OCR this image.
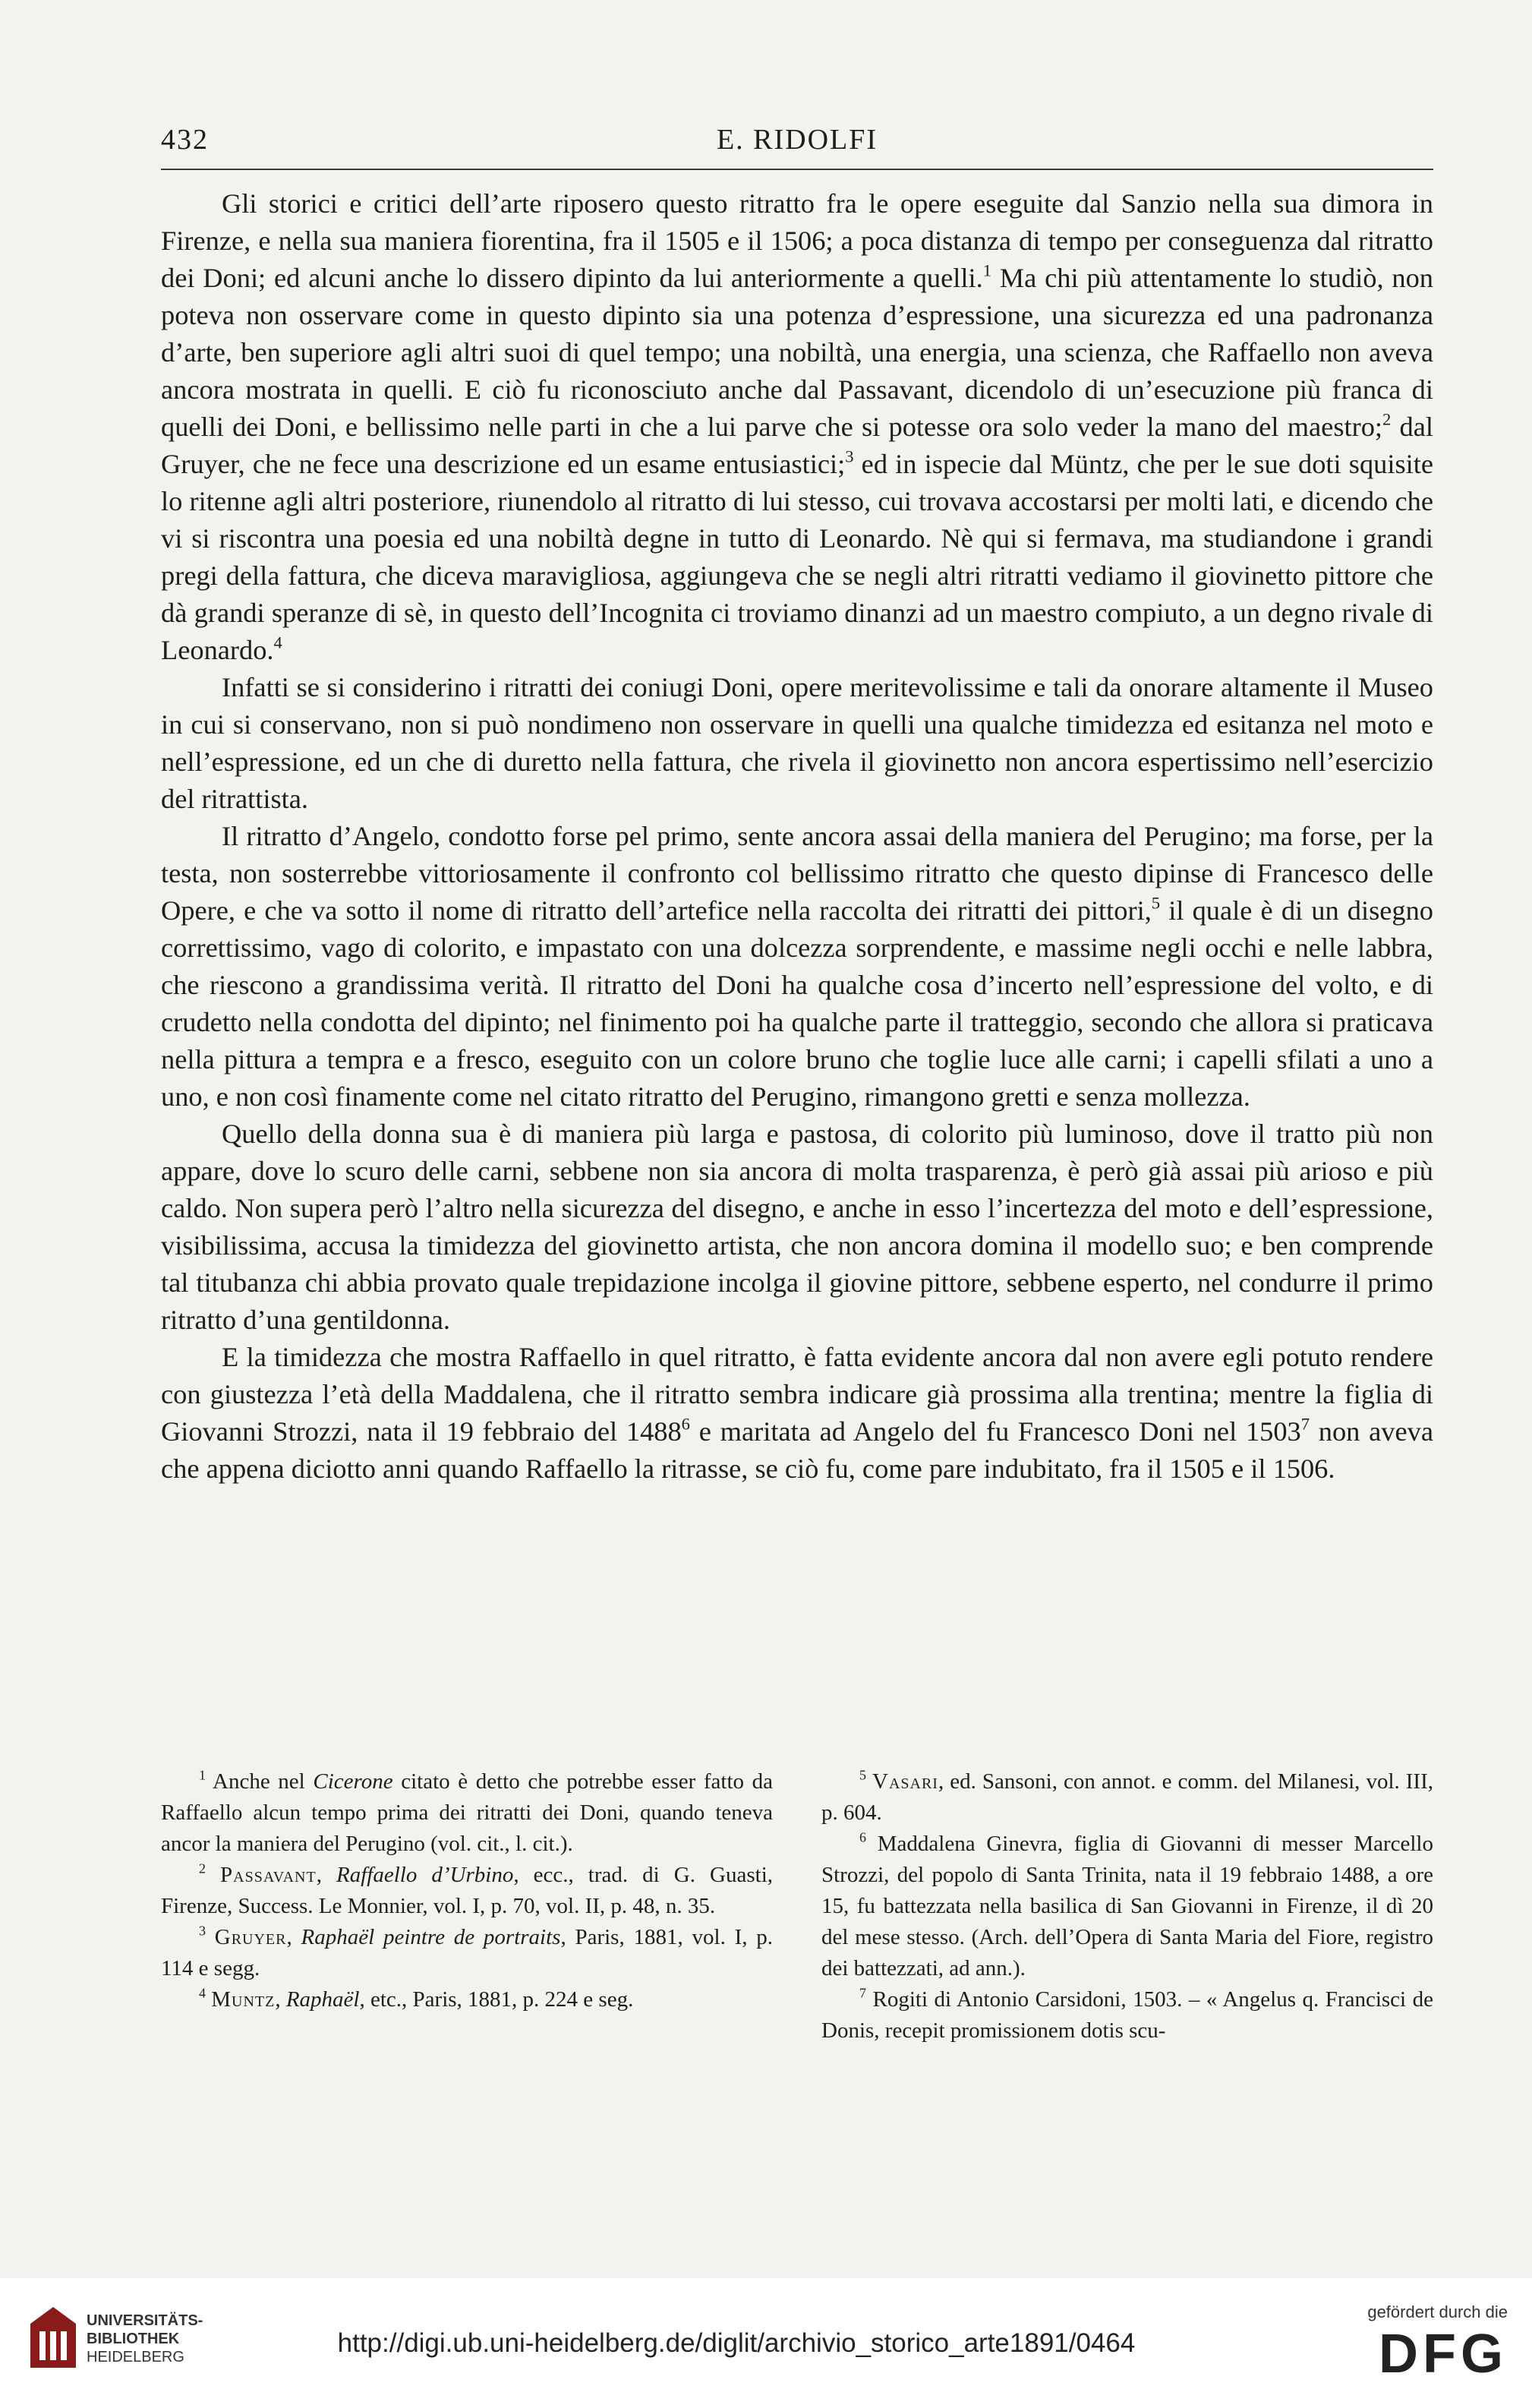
432	E. RIDOLFI

Gli storici e critici dell’arte riposero questo ritratto fra le opere eseguite dal Sanzio nella sua dimora in Firenze, e nella sua maniera fiorentina, fra il 1505 e il 1506; a poca distanza di tempo per conseguenza dal ritratto dei Doni; ed alcuni anche lo dissero dipinto da lui anteriormente a quelli.$^1$ Ma chi più attentamente lo studiò, non poteva non osservare come in questo dipinto sia una potenza d’espressione, una sicurezza ed una padronanza d’arte, ben superiore agli altri suoi di quel tempo; una nobiltà, una energia, una scienza, che Raffaello non aveva ancora mostrata in quelli. E ciò fu riconosciuto anche dal Passavant, dicendolo di un’esecuzione più franca di quelli dei Doni, e bellissimo nelle parti in che a lui parve che si potesse ora solo veder la mano del maestro;$^2$ dal Gruyer, che ne fece una descrizione ed un esame entusiastici;$^3$ ed in ispecie dal Müntz, che per le sue doti squisite lo ritenne agli altri posteriore, riunendolo al ritratto di lui stesso, cui trovava accostarsi per molti lati, e dicendo che vi si riscontra una poesia ed una nobiltà degne in tutto di Leonardo. Nè qui si fermava, ma studiandone i grandi pregi della fattura, che diceva maravigliosa, aggiungeva che se negli altri ritratti vediamo il giovinetto pittore che dà grandi speranze di sè, in questo dell’Incognita ci troviamo dinanzi ad un maestro compiuto, a un degno rivale di Leonardo.$^4$

Infatti se si considerino i ritratti dei coniugi Doni, opere meritevolissime e tali da onorare altamente il Museo in cui si conservano, non si può nondimeno non osservare in quelli una qualche timidezza ed esitanza nel moto e nell’espressione, ed un che di duretto nella fattura, che rivela il giovinetto non ancora espertissimo nell’esercizio del ritrattista.

Il ritratto d’Angelo, condotto forse pel primo, sente ancora assai della maniera del Perugino; ma forse, per la testa, non sosterrebbe vittoriosamente il confronto col bellissimo ritratto che questo dipinse di Francesco delle Opere, e che va sotto il nome di ritratto dell’artefice nella raccolta dei ritratti dei pittori,$^5$ il quale è di un disegno correttissimo, vago di colorito, e impastato con una dolcezza sorprendente, e massime negli occhi e nelle labbra, che riescono a grandissima verità. Il ritratto del Doni ha qualche cosa d’incerto nell’espressione del volto, e di crudetto nella condotta del dipinto; nel finimento poi ha qualche parte il tratteggio, secondo che allora si praticava nella pittura a tempra e a fresco, eseguito con un colore bruno che toglie luce alle carni; i capelli sfilati a uno a uno, e non così finamente come nel citato ritratto del Perugino, rimangono gretti e senza mollezza.

Quello della donna sua è di maniera più larga e pastosa, di colorito più luminoso, dove il tratto più non appare, dove lo scuro delle carni, sebbene non sia ancora di molta trasparenza, è però già assai più arioso e più caldo. Non supera però l’altro nella sicurezza del disegno, e anche in esso l’incertezza del moto e dell’espressione, visibilissima, accusa la timidezza del giovinetto artista, che non ancora domina il modello suo; e ben comprende tal titubanza chi abbia provato quale trepidazione incolga il giovine pittore, sebbene esperto, nel condurre il primo ritratto d’una gentildonna.

E la timidezza che mostra Raffaello in quel ritratto, è fatta evidente ancora dal non avere egli potuto rendere con giustezza l’età della Maddalena, che il ritratto sembra indicare già prossima alla trentina; mentre la figlia di Giovanni Strozzi, nata il 19 febbraio del 1488$^6$ e maritata ad Angelo del fu Francesco Doni nel 1503$^7$ non aveva che appena diciotto anni quando Raffaello la ritrasse, se ciò fu, come pare indubitato, fra il 1505 e il 1506.

$^1$ Anche nel Cicerone citato è detto che potrebbe esser fatto da Raffaello alcun tempo prima dei ritratti dei Doni, quando teneva ancor la maniera del Perugino (vol. cit., l. cit.).

$^2$ Passavant, Raffaello d’Urbino, ecc., trad. di G. Guasti, Firenze, Success. Le Monnier, vol. I, p. 70, vol. II, p. 48, n. 35.

$^3$ Gruyer, Raphaël peintre de portraits, Paris, 1881, vol. I, p. 114 e segg.

$^4$ Muntz, Raphaël, etc., Paris, 1881, p. 224 e seg.

$^5$ Vasari, ed. Sansoni, con annot. e comm. del Milanesi, vol. III, p. 604.

$^6$ Maddalena Ginevra, figlia di Giovanni di messer Marcello Strozzi, del popolo di Santa Trinita, nata il 19 febbraio 1488, a ore 15, fu battezzata nella basilica di San Giovanni in Firenze, il dì 20 del mese stesso. (Arch. dell’Opera di Santa Maria del Fiore, registro dei battezzati, ad ann.).

$^7$ Rogiti di Antonio Carsidoni, 1503. – « Angelus q. Francisci de Donis, recepit promissionem dotis scu-

UNIVERSITÄTS-
BIBLIOTHEK
HEIDELBERG	http://digi.ub.uni-heidelberg.de/diglit/archivio_storico_arte1891/0464
gefördert durch die
DFG
